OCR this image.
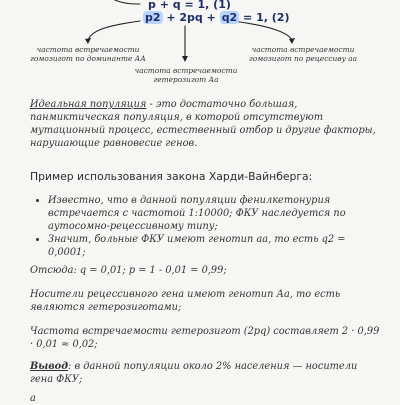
p + q = 1, (1)
p2 + 2pq + q2 = 1, (2)
частота встречаемости гомозигот по доминанте АА
частота встречаемости гомозигот по рецессиву аа
частота встречаемости гетерозигот Аа
Идеальная популяция - это достаточно большая, панмиктическая популяция, в которой отсутствуют мутационный процесс, естественный отбор и другие факторы, нарушающие равновесие генов.
Пример использования закона Харди-Вайнберга:
• Известно, что в данной популяции фенилкетонурия встречается с частотой 1:10000; ФКУ наследуется по аутосомно-рецессивному типу;
• Значит, больные ФКУ имеют генотип аа, то есть q2 = 0,0001;
Отсюда: q = 0,01; p = 1 - 0,01 = 0,99;
Носители рецессивного гена имеют генотип Аа, то есть являются гетерозиготами;
Частота встречаемости гетерозигот (2pq) составляет 2 · 0,99 · 0,01 ≈ 0,02;
Вывод: в данной популяции около 2% населения — носители гена ФКУ;
а
